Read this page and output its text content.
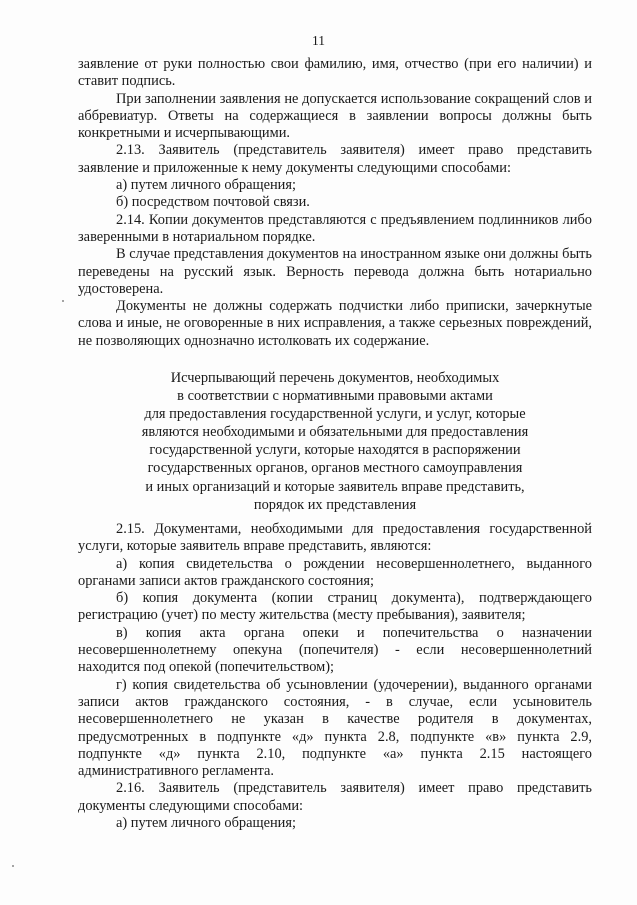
11

заявление от руки полностью свои фамилию, имя, отчество (при его наличии) и ставит подпись.

При заполнении заявления не допускается использование сокращений слов и аббревиатур. Ответы на содержащиеся в заявлении вопросы должны быть конкретными и исчерпывающими.

2.13. Заявитель (представитель заявителя) имеет право представить заявление и приложенные к нему документы следующими способами:

а) путем личного обращения;

б) посредством почтовой связи.

2.14. Копии документов представляются с предъявлением подлинников либо заверенными в нотариальном порядке.

В случае представления документов на иностранном языке они должны быть переведены на русский язык. Верность перевода должна быть нотариально удостоверена.

Документы не должны содержать подчистки либо приписки, зачеркнутые слова и иные, не оговоренные в них исправления, а также серьезных повреждений, не позволяющих однозначно истолковать их содержание.

Исчерпывающий перечень документов, необходимых
в соответствии с нормативными правовыми актами
для предоставления государственной услуги, и услуг, которые
являются необходимыми и обязательными для предоставления
государственной услуги, которые находятся в распоряжении
государственных органов, органов местного самоуправления
и иных организаций и которые заявитель вправе представить,
порядок их представления

2.15. Документами, необходимыми для предоставления государственной услуги, которые заявитель вправе представить, являются:

а) копия свидетельства о рождении несовершеннолетнего, выданного органами записи актов гражданского состояния;

б) копия документа (копии страниц документа), подтверждающего регистрацию (учет) по месту жительства (месту пребывания), заявителя;

в) копия акта органа опеки и попечительства о назначении несовершеннолетнему опекуна (попечителя) - если несовершеннолетний находится под опекой (попечительством);

г) копия свидетельства об усыновлении (удочерении), выданного органами записи актов гражданского состояния, - в случае, если усыновитель несовершеннолетнего не указан в качестве родителя в документах, предусмотренных в подпункте «д» пункта 2.8, подпункте «в» пункта 2.9, подпункте «д» пункта 2.10, подпункте «а» пункта 2.15 настоящего административного регламента.

2.16. Заявитель (представитель заявителя) имеет право представить документы следующими способами:

а) путем личного обращения;
